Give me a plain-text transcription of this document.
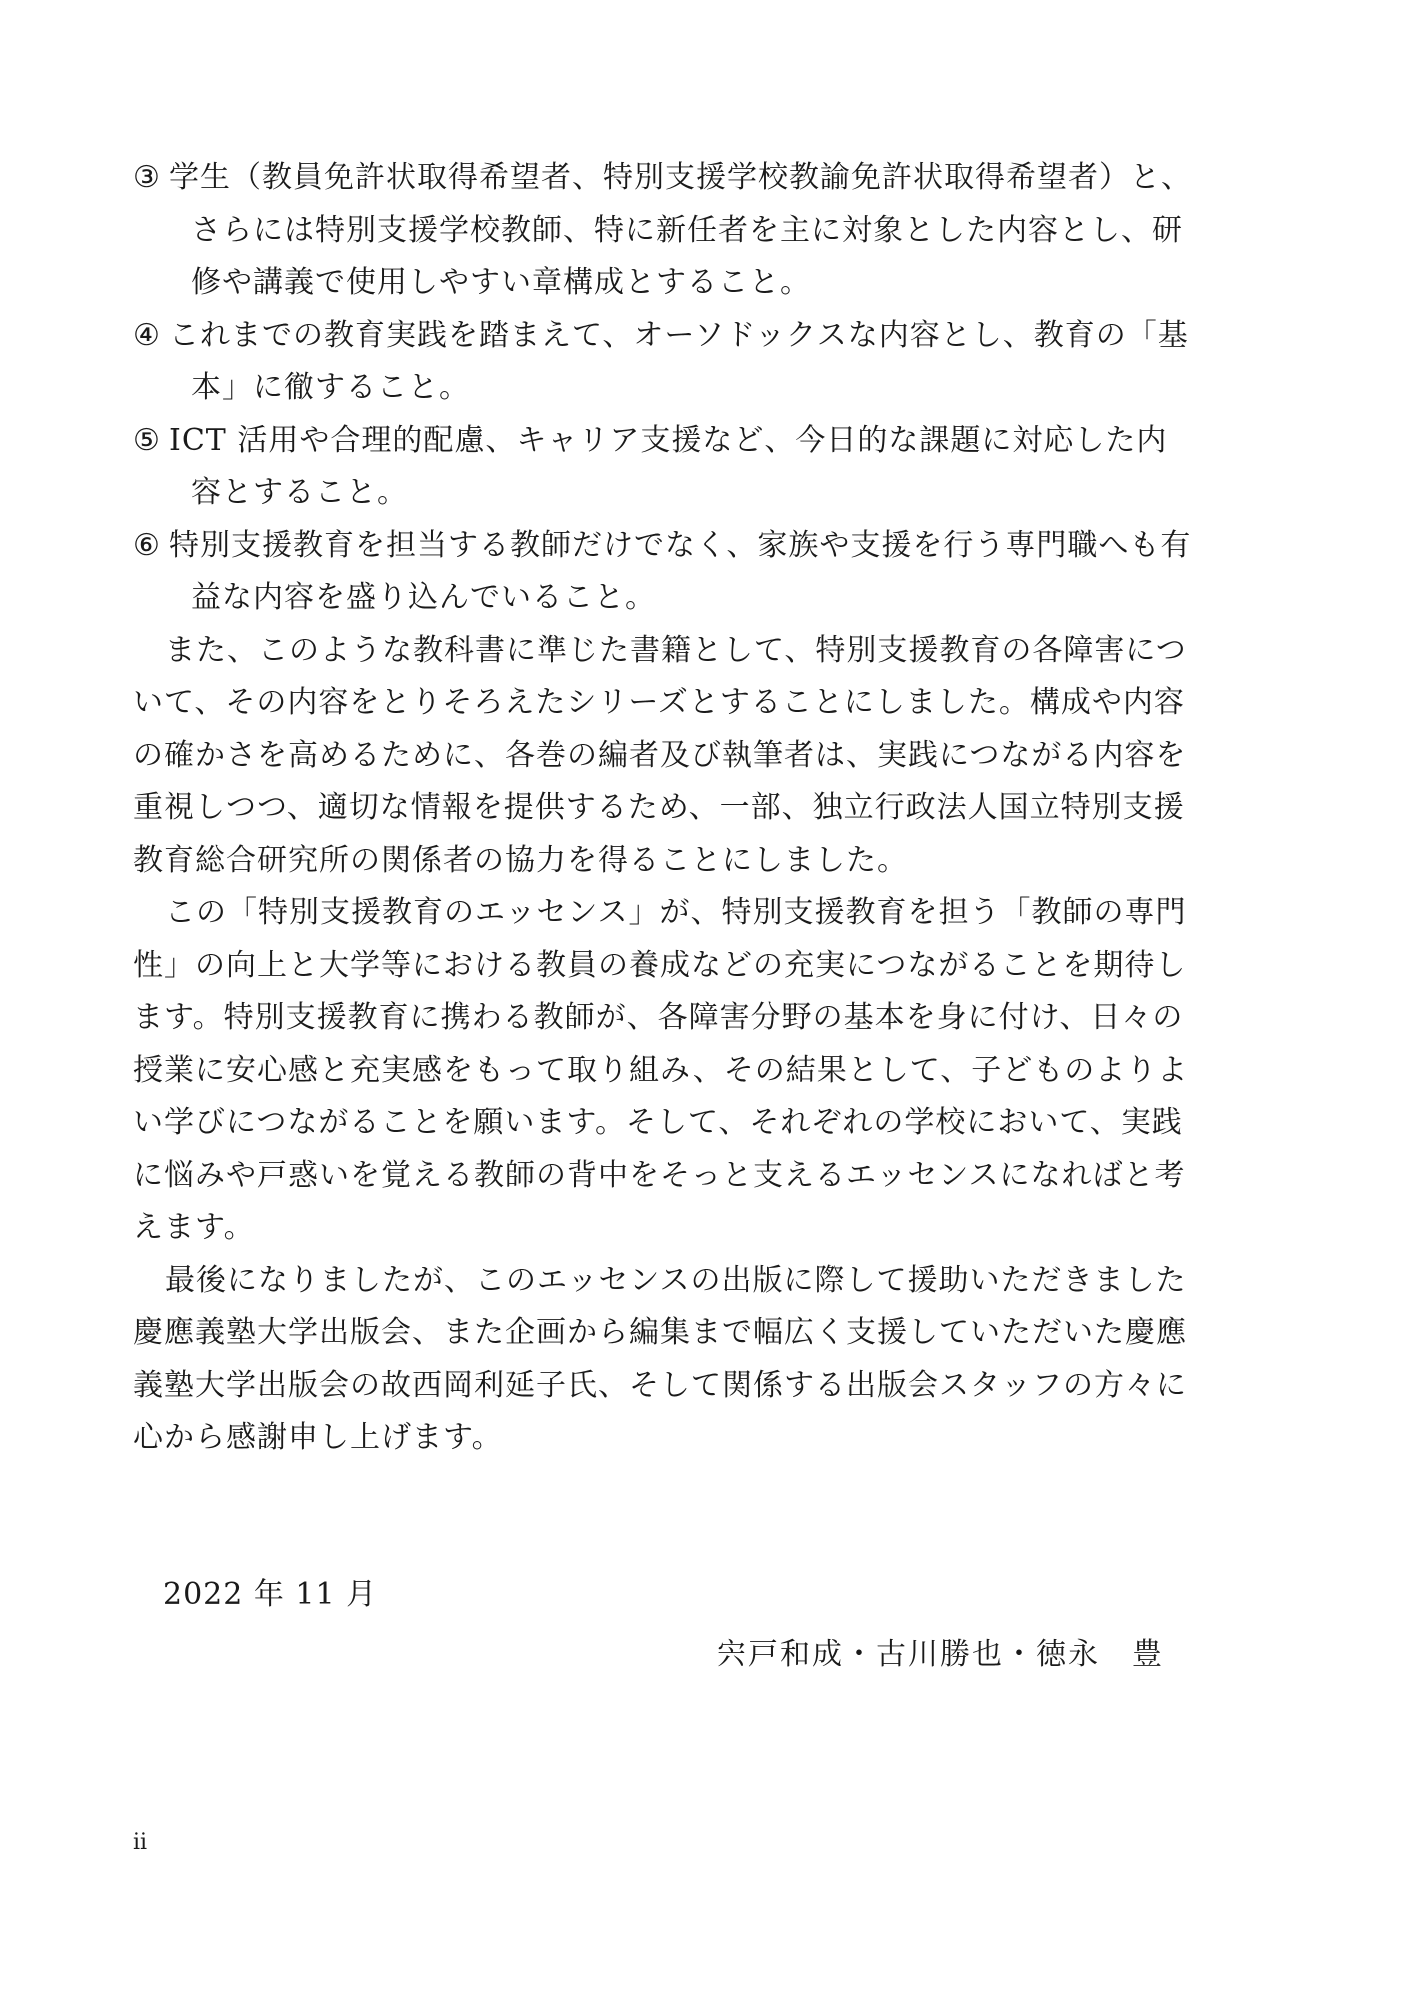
③ 学生（教員免許状取得希望者、特別支援学校教諭免許状取得希望者）と、さらには特別支援学校教師、特に新任者を主に対象とした内容とし、研修や講義で使用しやすい章構成とすること。

④ これまでの教育実践を踏まえて、オーソドックスな内容とし、教育の「基本」に徹すること。

⑤ ICT 活用や合理的配慮、キャリア支援など、今日的な課題に対応した内容とすること。

⑥ 特別支援教育を担当する教師だけでなく、家族や支援を行う専門職へも有益な内容を盛り込んでいること。

また、このような教科書に準じた書籍として、特別支援教育の各障害について、その内容をとりそろえたシリーズとすることにしました。構成や内容の確かさを高めるために、各巻の編者及び執筆者は、実践につながる内容を重視しつつ、適切な情報を提供するため、一部、独立行政法人国立特別支援教育総合研究所の関係者の協力を得ることにしました。

この「特別支援教育のエッセンス」が、特別支援教育を担う「教師の専門性」の向上と大学等における教員の養成などの充実につながることを期待します。特別支援教育に携わる教師が、各障害分野の基本を身に付け、日々の授業に安心感と充実感をもって取り組み、その結果として、子どものよりよい学びにつながることを願います。そして、それぞれの学校において、実践に悩みや戸惑いを覚える教師の背中をそっと支えるエッセンスになればと考えます。

最後になりましたが、このエッセンスの出版に際して援助いただきました慶應義塾大学出版会、また企画から編集まで幅広く支援していただいた慶應義塾大学出版会の故西岡利延子氏、そして関係する出版会スタッフの方々に心から感謝申し上げます。

2022 年 11 月
宍戸和成・古川勝也・徳永　豊
ii
